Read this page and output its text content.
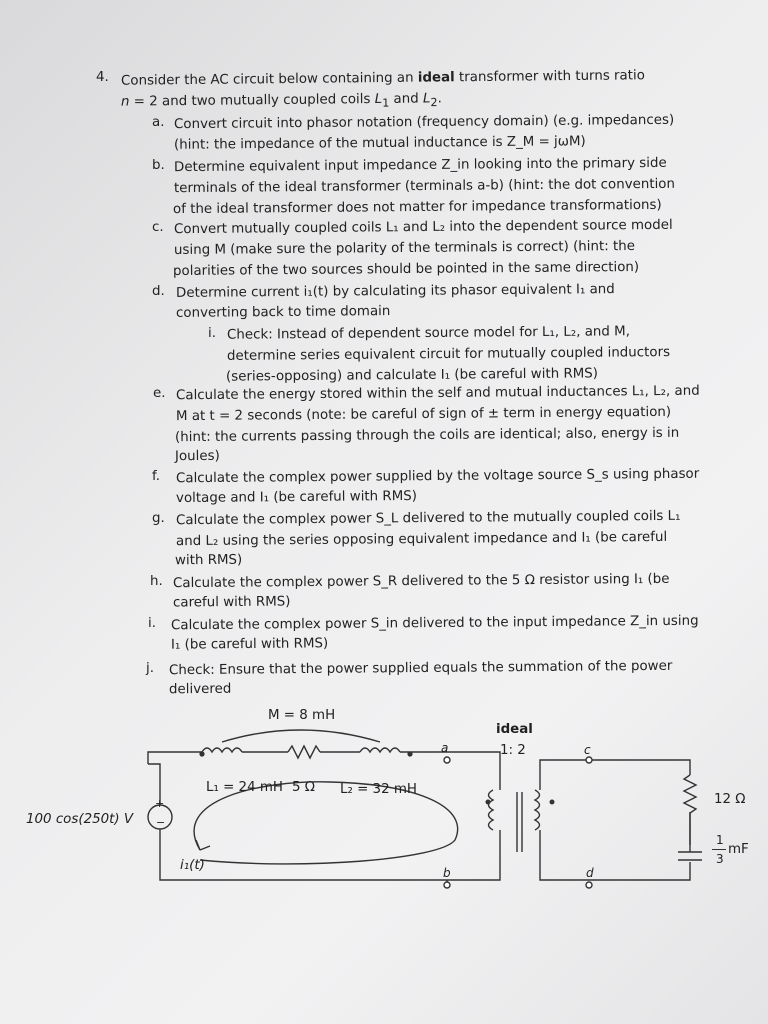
4. Consider the AC circuit below containing an ideal transformer with turns ratio
n = 2 and two mutually coupled coils $L_1$ and $L_2$.
a. Convert circuit into phasor notation (frequency domain) (e.g. impedances)
(hint: the impedance of the mutual inductance is Z_M = jωM)
b. Determine equivalent input impedance Z_in looking into the primary side
terminals of the ideal transformer (terminals a-b) (hint: the dot convention
of the ideal transformer does not matter for impedance transformations)
c. Convert mutually coupled coils L₁ and L₂ into the dependent source model
using M (make sure the polarity of the terminals is correct) (hint: the
polarities of the two sources should be pointed in the same direction)
d. Determine current i₁(t) by calculating its phasor equivalent I₁ and
converting back to time domain
i. Check: Instead of dependent source model for L₁, L₂, and M,
determine series equivalent circuit for mutually coupled inductors
(series-opposing) and calculate I₁ (be careful with RMS)
e. Calculate the energy stored within the self and mutual inductances L₁, L₂, and
M at t = 2 seconds (note: be careful of sign of ± term in energy equation)
(hint: the currents passing through the coils are identical; also, energy is in
Joules)
f. Calculate the complex power supplied by the voltage source S_s using phasor
voltage and I₁ (be careful with RMS)
g. Calculate the complex power S_L delivered to the mutually coupled coils L₁
and L₂ using the series opposing equivalent impedance and I₁ (be careful
with RMS)
h. Calculate the complex power S_R delivered to the 5 Ω resistor using I₁ (be
careful with RMS)
i. Calculate the complex power S_in delivered to the input impedance Z_in using
I₁ (be careful with RMS)
j. Check: Ensure that the power supplied equals the summation of the power
delivered
M = 8 mH
L₁ = 24 mH 5 Ω L₂ = 32 mH
100 cos(250t) V
+
−
i₁(t)
ideal
1: 2
a
b
c
d
12 Ω
1
3
mF
